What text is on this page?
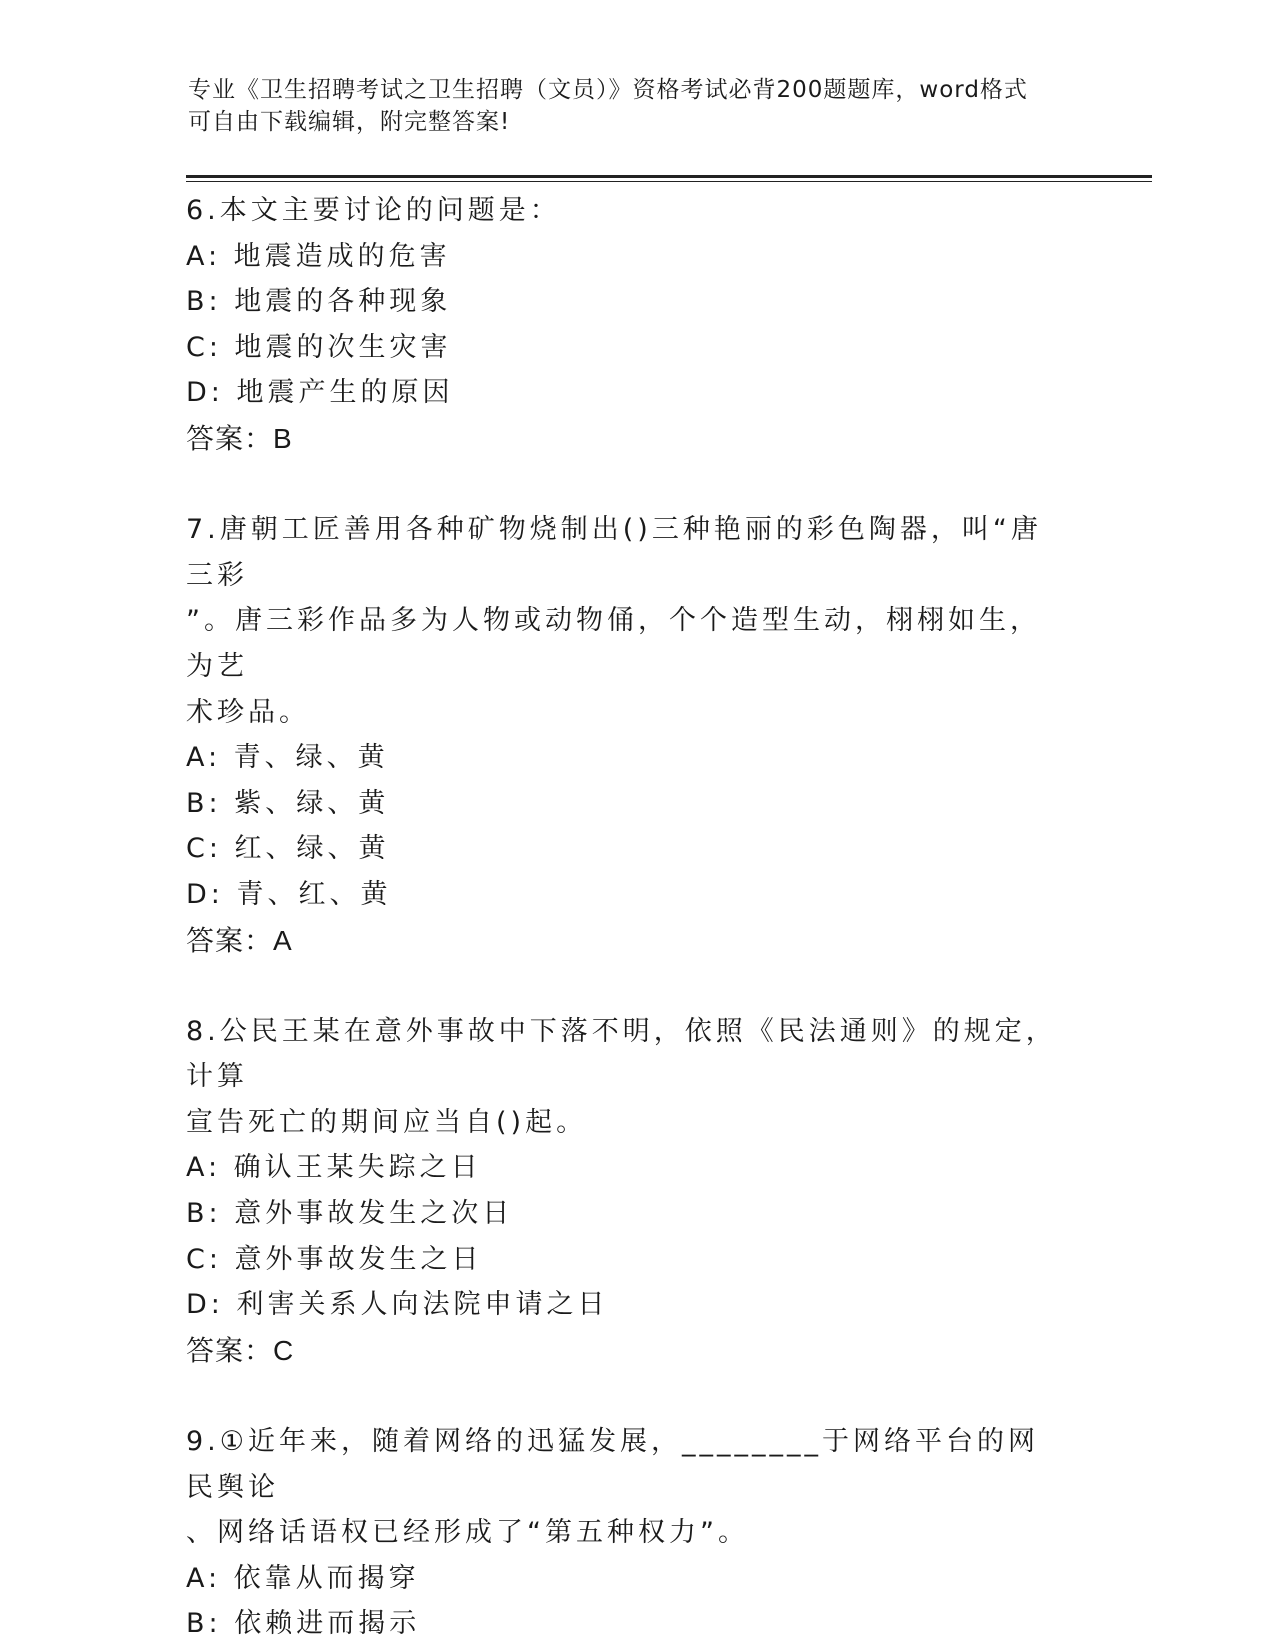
专业《卫生招聘考试之卫生招聘（文员）》资格考试必背200题题库，word格式
可自由下载编辑，附完整答案!
6.本文主要讨论的问题是：
A: 地震造成的危害
B: 地震的各种现象
C: 地震的次生灾害
D: 地震产生的原因
答案：B
7.唐朝工匠善用各种矿物烧制出()三种艳丽的彩色陶器，叫“唐三彩
”。唐三彩作品多为人物或动物俑，个个造型生动，栩栩如生，为艺
术珍品。
A: 青、绿、黄
B: 紫、绿、黄
C: 红、绿、黄
D: 青、红、黄
答案：A
8.公民王某在意外事故中下落不明，依照《民法通则》的规定，计算
宣告死亡的期间应当自()起。
A: 确认王某失踪之日
B: 意外事故发生之次日
C: 意外事故发生之日
D: 利害关系人向法院申请之日
答案：C
9.①近年来，随着网络的迅猛发展，________于网络平台的网民舆论
、网络话语权已经形成了“第五种权力”。
A: 依靠从而揭穿
B: 依赖进而揭示
